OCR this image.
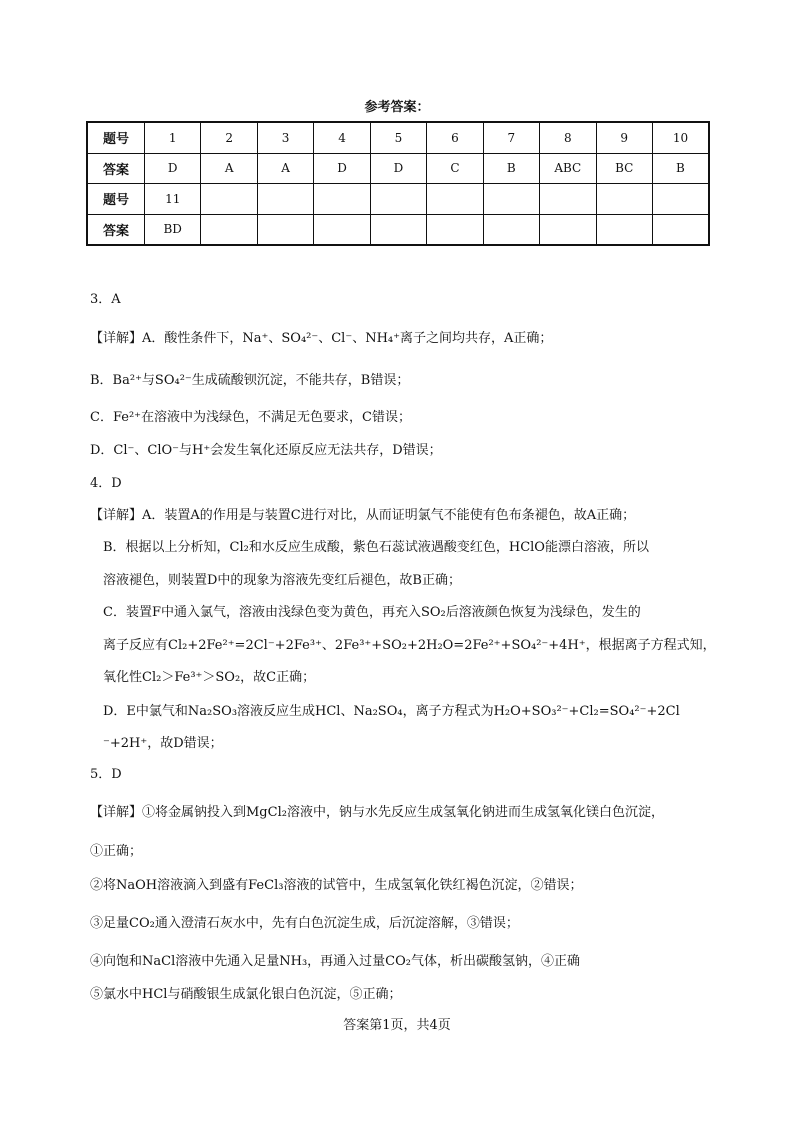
参考答案：
题号	1	2	3	4	5	6	7	8	9	10
答案	D	A	A	D	D	C	B	ABC	BC	B
题号	11									
答案	BD									
3．A
【详解】A．酸性条件下，Na⁺、SO₄²⁻、Cl⁻、NH₄⁺离子之间均共存，A正确；
B．Ba²⁺与SO₄²⁻生成硫酸钡沉淀，不能共存，B错误；
C．Fe²⁺在溶液中为浅绿色，不满足无色要求，C错误；
D．Cl⁻、ClO⁻与H⁺会发生氧化还原反应无法共存，D错误；
4．D
【详解】A．装置A的作用是与装置C进行对比，从而证明氯气不能使有色布条褪色，故A正确；
B．根据以上分析知，Cl₂和水反应生成酸，紫色石蕊试液遇酸变红色，HClO能漂白溶液，所以
溶液褪色，则装置D中的现象为溶液先变红后褪色，故B正确；
C．装置F中通入氯气，溶液由浅绿色变为黄色，再充入SO₂后溶液颜色恢复为浅绿色，发生的
离子反应有Cl₂+2Fe²⁺=2Cl⁻+2Fe³⁺、2Fe³⁺+SO₂+2H₂O=2Fe²⁺+SO₄²⁻+4H⁺，根据离子方程式知，
氧化性Cl₂＞Fe³⁺＞SO₂，故C正确；
D．E中氯气和Na₂SO₃溶液反应生成HCl、Na₂SO₄，离子方程式为H₂O+SO₃²⁻+Cl₂=SO₄²⁻+2Cl
⁻+2H⁺，故D错误；
5．D
【详解】①将金属钠投入到MgCl₂溶液中，钠与水先反应生成氢氧化钠进而生成氢氧化镁白色沉淀，
①正确；
②将NaOH溶液滴入到盛有FeCl₃溶液的试管中，生成氢氧化铁红褐色沉淀，②错误；
③足量CO₂通入澄清石灰水中，先有白色沉淀生成，后沉淀溶解，③错误；
④向饱和NaCl溶液中先通入足量NH₃，再通入过量CO₂气体，析出碳酸氢钠，④正确
⑤氯水中HCl与硝酸银生成氯化银白色沉淀，⑤正确；
答案第1页，共4页
